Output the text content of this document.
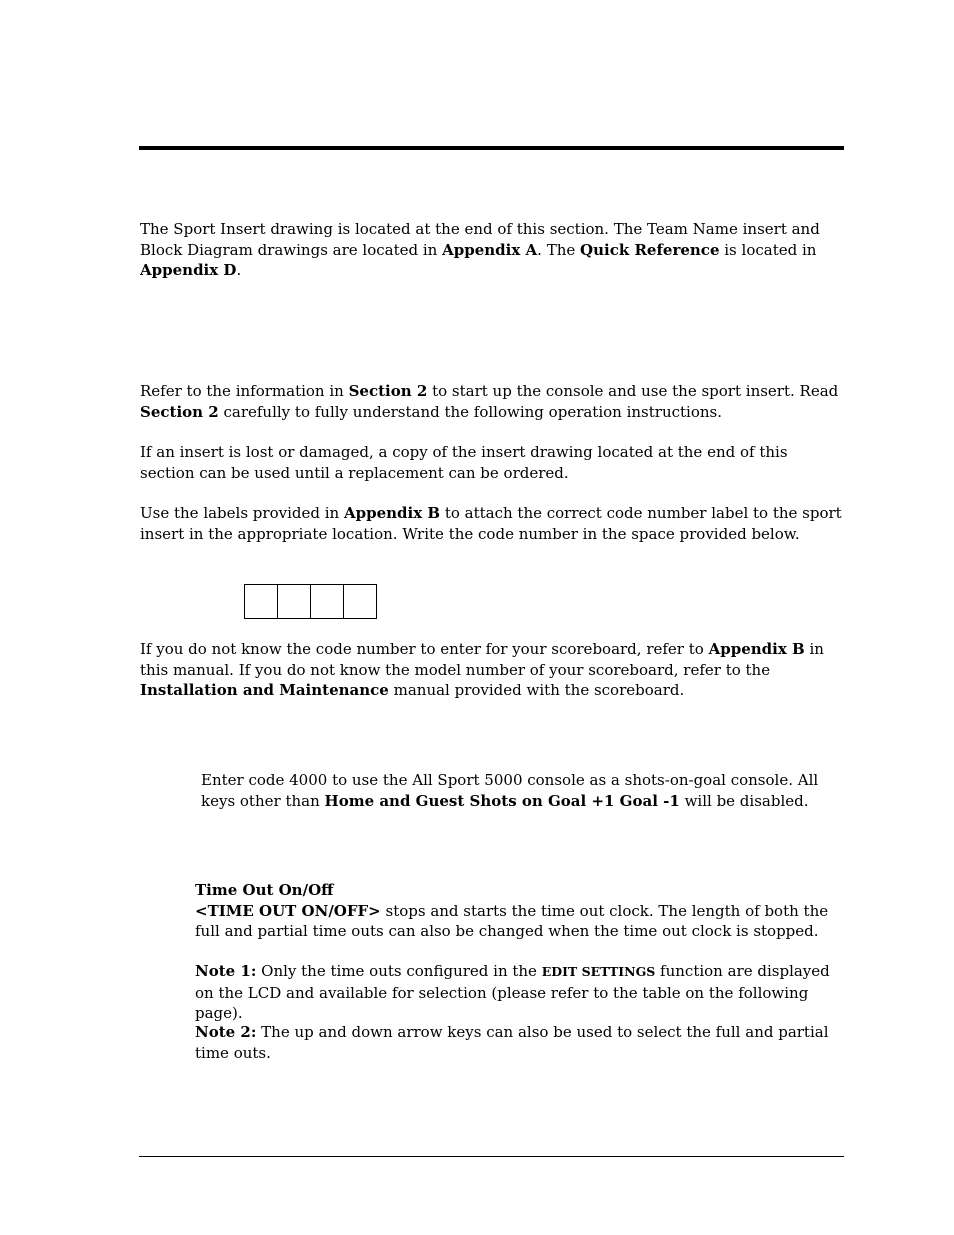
The Sport Insert drawing is located at the end of this section. The Team Name insert and Block Diagram drawings are located in Appendix A. The Quick Reference is located in Appendix D.

Refer to the information in Section 2 to start up the console and use the sport insert. Read Section 2 carefully to fully understand the following operation instructions.

If an insert is lost or damaged, a copy of the insert drawing located at the end of this section can be used until a replacement can be ordered.

Use the labels provided in Appendix B to attach the correct code number label to the sport insert in the appropriate location. Write the code number in the space provided below.

If you do not know the code number to enter for your scoreboard, refer to Appendix B in this manual. If you do not know the model number of your scoreboard, refer to the Installation and Maintenance manual provided with the scoreboard.

Enter code 4000 to use the All Sport 5000 console as a shots-on-goal console. All keys other than Home and Guest Shots on Goal +1 Goal -1 will be disabled.

Time Out On/Off
<TIME OUT ON/OFF> stops and starts the time out clock. The length of both the full and partial time outs can also be changed when the time out clock is stopped.

Note 1: Only the time outs configured in the EDIT SETTINGS function are displayed on the LCD and available for selection (please refer to the table on the following page).

Note 2: The up and down arrow keys can also be used to select the full and partial time outs.
